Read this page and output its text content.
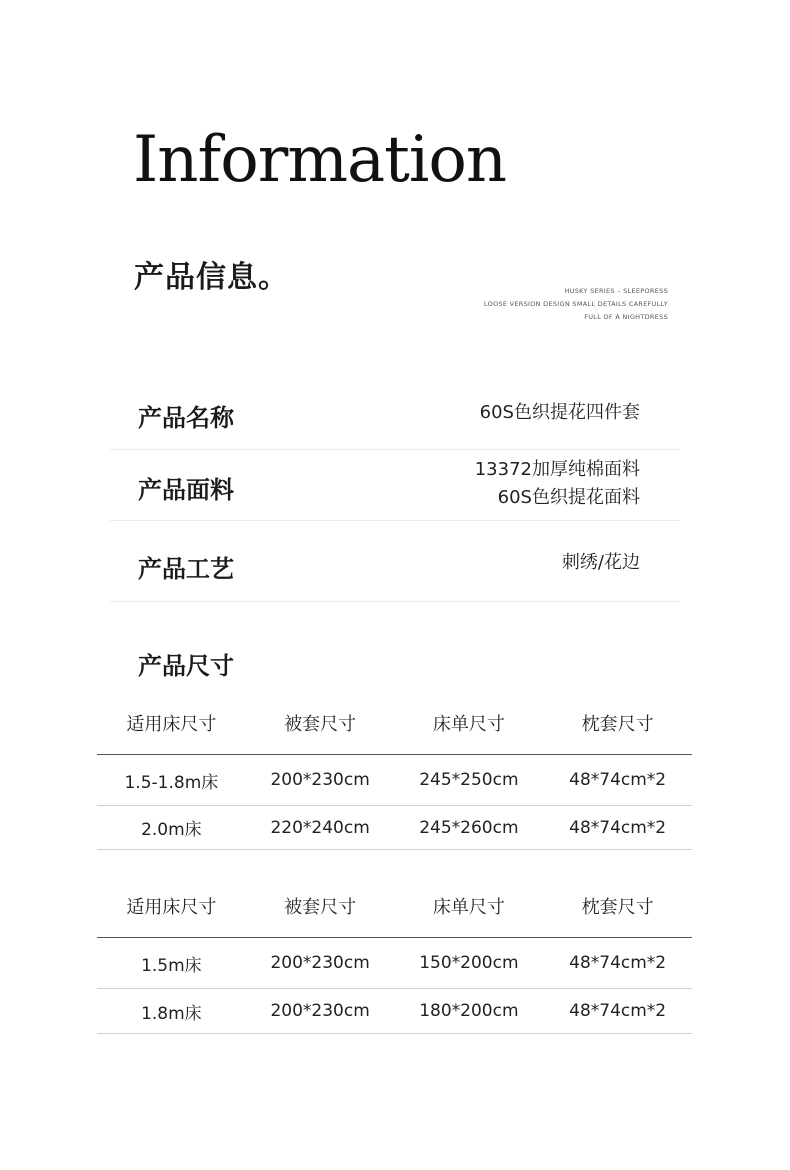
Information
产品信息。	HUSKY SERIES – SLEEPORESS
LOOSE VERSION DESIGN SMALL DETAILS CAREFULLY
FULL OF A NIGHTDRESS
产品名称	60S色织提花四件套
产品面料
13372加厚纯棉面料
60S色织提花面料
产品工艺	刺绣/花边
产品尺寸
适用床尺寸	被套尺寸	床单尺寸	枕套尺寸
1.5-1.8m床	200*230cm	245*250cm	48*74cm*2
2.0m床	220*240cm	245*260cm	48*74cm*2
适用床尺寸	被套尺寸	床单尺寸	枕套尺寸
1.5m床	200*230cm	150*200cm	48*74cm*2
1.8m床	200*230cm	180*200cm	48*74cm*2
